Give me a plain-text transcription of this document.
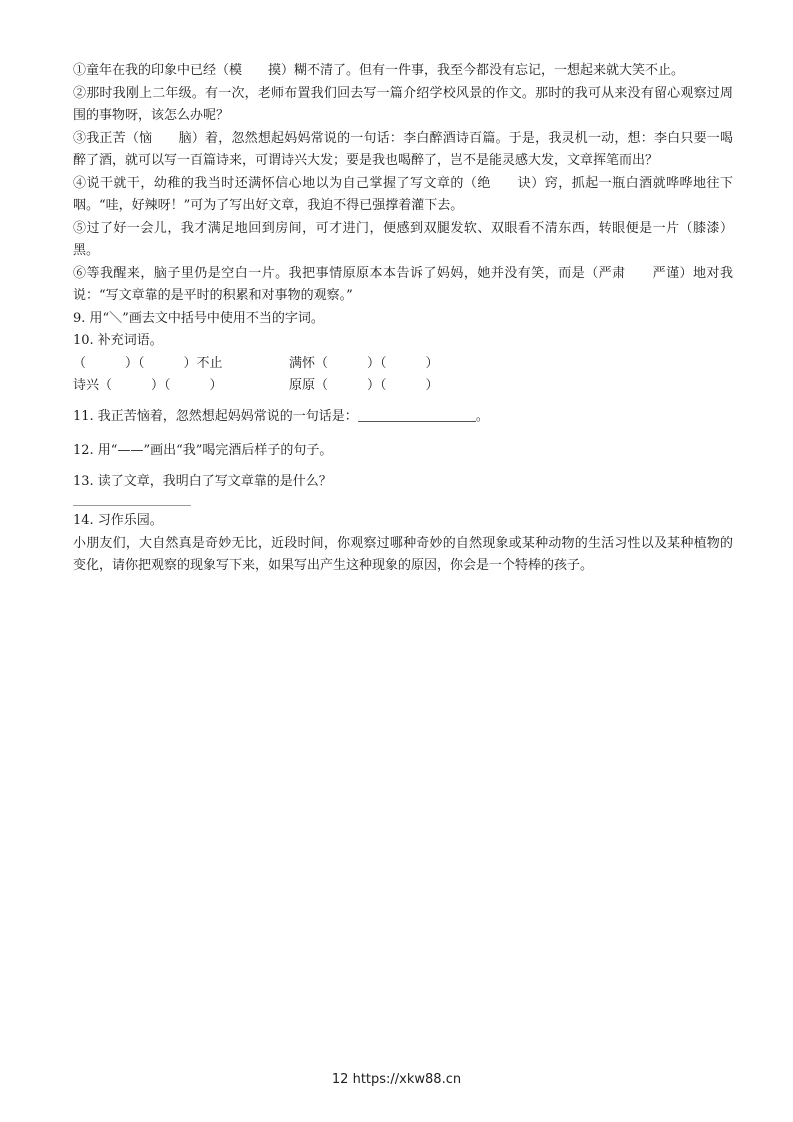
①童年在我的印象中已经（模　　摸）糊不清了。但有一件事，我至今都没有忘记，一想起来就大笑不止。

②那时我刚上二年级。有一次，老师布置我们回去写一篇介绍学校风景的作文。那时的我可从来没有留心观察过周围的事物呀，该怎么办呢？

③我正苦（恼　　脑）着，忽然想起妈妈常说的一句话：李白醉酒诗百篇。于是，我灵机一动，想：李白只要一喝醉了酒，就可以写一百篇诗来，可谓诗兴大发；要是我也喝醉了，岂不是能灵感大发，文章挥笔而出？

④说干就干，幼稚的我当时还满怀信心地以为自己掌握了写文章的（绝　　诀）窍，抓起一瓶白酒就哗哗地往下咽。“哇，好辣呀！”可为了写出好文章，我迫不得已强撑着灌下去。

⑤过了好一会儿，我才满足地回到房间，可才进门，便感到双腿发软、双眼看不清东西，转眼便是一片（膝漆）黑。

⑥等我醒来，脑子里仍是空白一片。我把事情原原本本告诉了妈妈，她并没有笑，而是（严肃　　严谨）地对我说：“写文章靠的是平时的积累和对事物的观察。”

9. 用“＼”画去文中括号中使用不当的字词。

10. 补充词语。

（　　　）（　　　）不止	满怀（　　　）（　　　）
诗兴（　　　）（　　　）	原原（　　　）（　　　）

11. 我正苦恼着，忽然想起妈妈常说的一句话是：	。

12. 用“——”画出“我”喝完酒后样子的句子。

13. 读了文章，我明白了写文章靠的是什么？

14. 习作乐园。

小朋友们，大自然真是奇妙无比，近段时间，你观察过哪种奇妙的自然现象或某种动物的生活习性以及某种植物的变化，请你把观察的现象写下来，如果写出产生这种现象的原因，你会是一个特棒的孩子。

12 https://xkw88.cn
